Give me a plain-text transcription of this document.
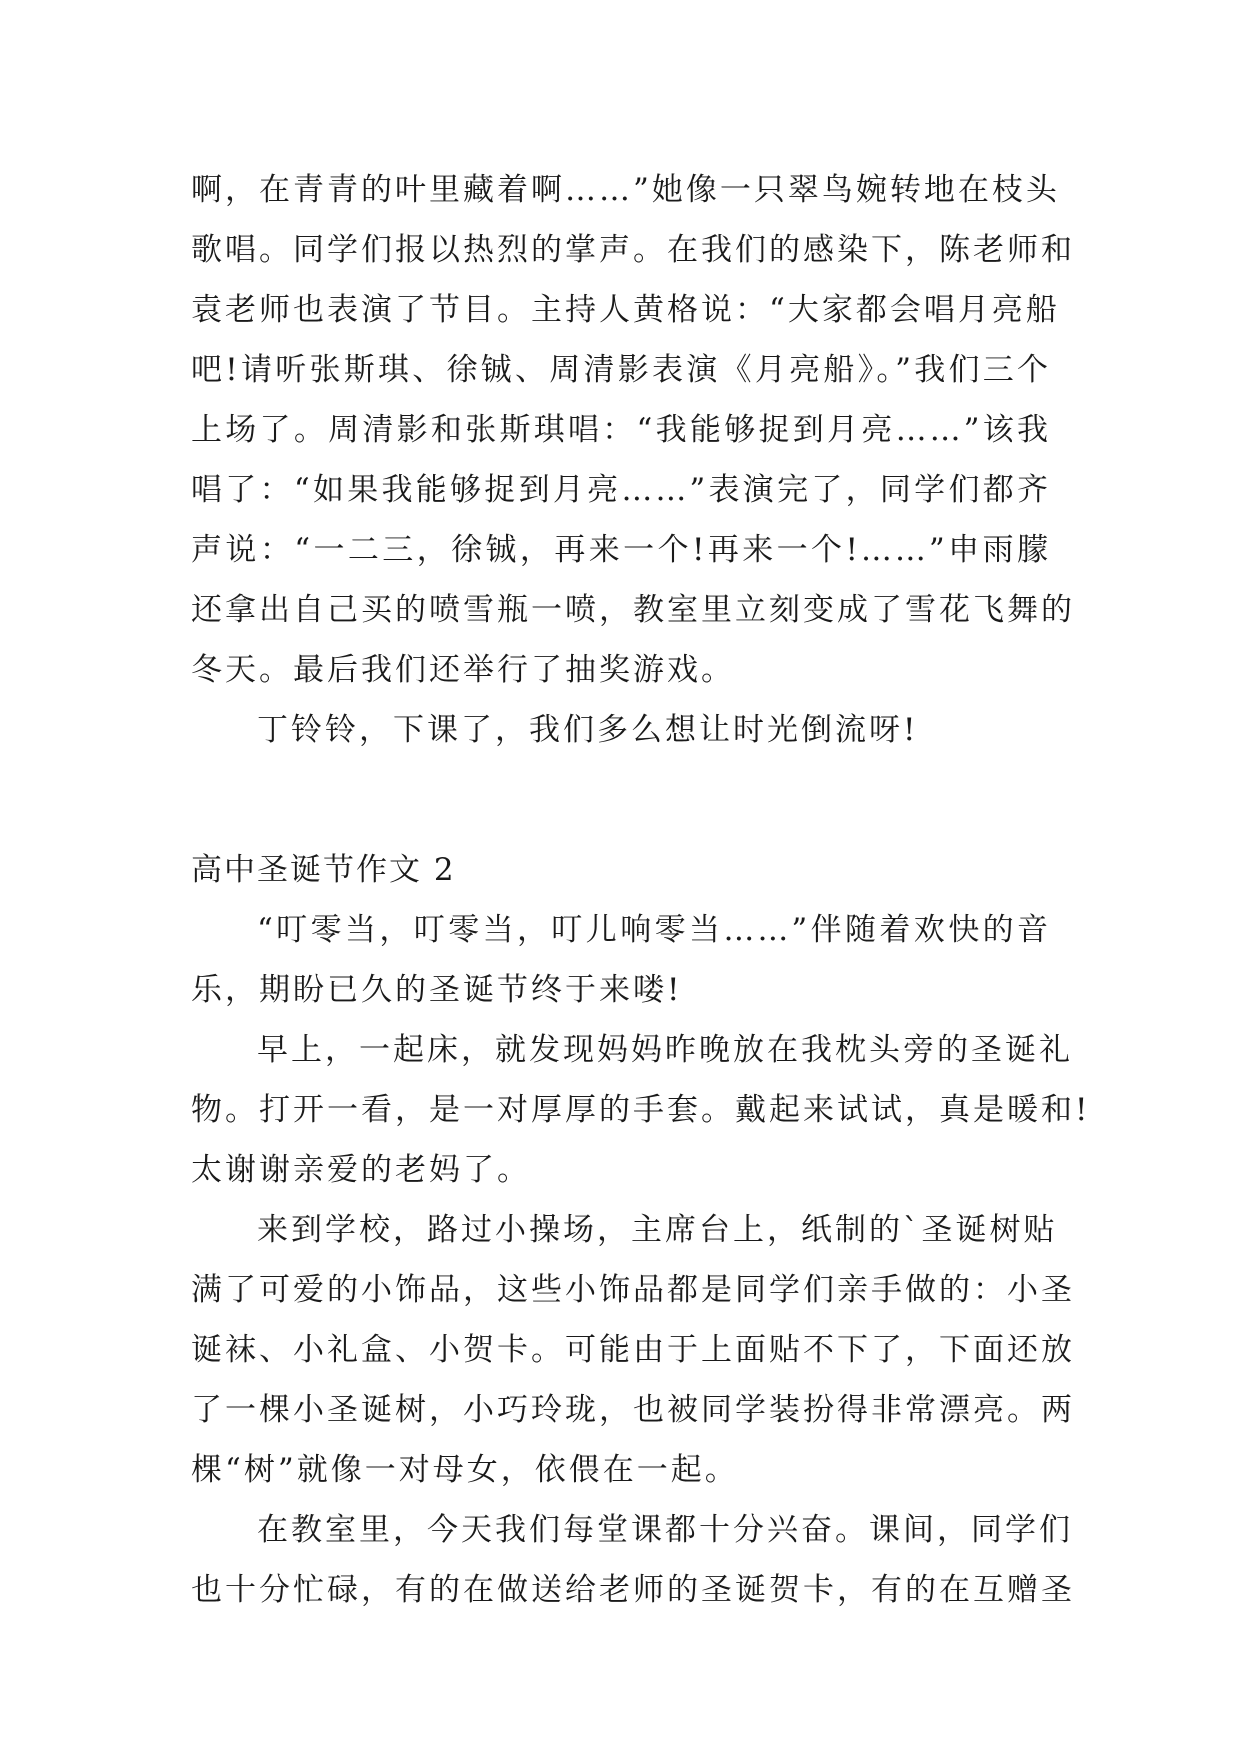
啊，在青青的叶里藏着啊……”她像一只翠鸟婉转地在枝头
歌唱。同学们报以热烈的掌声。在我们的感染下，陈老师和
袁老师也表演了节目。主持人黄格说：“大家都会唱月亮船
吧!请听张斯琪、徐铖、周清影表演《月亮船》。”我们三个
上场了。周清影和张斯琪唱：“我能够捉到月亮……”该我
唱了：“如果我能够捉到月亮……”表演完了，同学们都齐
声说：“一二三，徐铖，再来一个!再来一个!……”申雨朦
还拿出自己买的喷雪瓶一喷，教室里立刻变成了雪花飞舞的
冬天。最后我们还举行了抽奖游戏。
丁铃铃，下课了，我们多么想让时光倒流呀!
高中圣诞节作文 2
“叮零当，叮零当，叮儿响零当……”伴随着欢快的音
乐，期盼已久的圣诞节终于来喽!
早上，一起床，就发现妈妈昨晚放在我枕头旁的圣诞礼
物。打开一看，是一对厚厚的手套。戴起来试试，真是暖和!
太谢谢亲爱的老妈了。
来到学校，路过小操场，主席台上，纸制的`圣诞树贴
满了可爱的小饰品，这些小饰品都是同学们亲手做的：小圣
诞袜、小礼盒、小贺卡。可能由于上面贴不下了，下面还放
了一棵小圣诞树，小巧玲珑，也被同学装扮得非常漂亮。两
棵“树”就像一对母女，依偎在一起。
在教室里，今天我们每堂课都十分兴奋。课间，同学们
也十分忙碌，有的在做送给老师的圣诞贺卡，有的在互赠圣
